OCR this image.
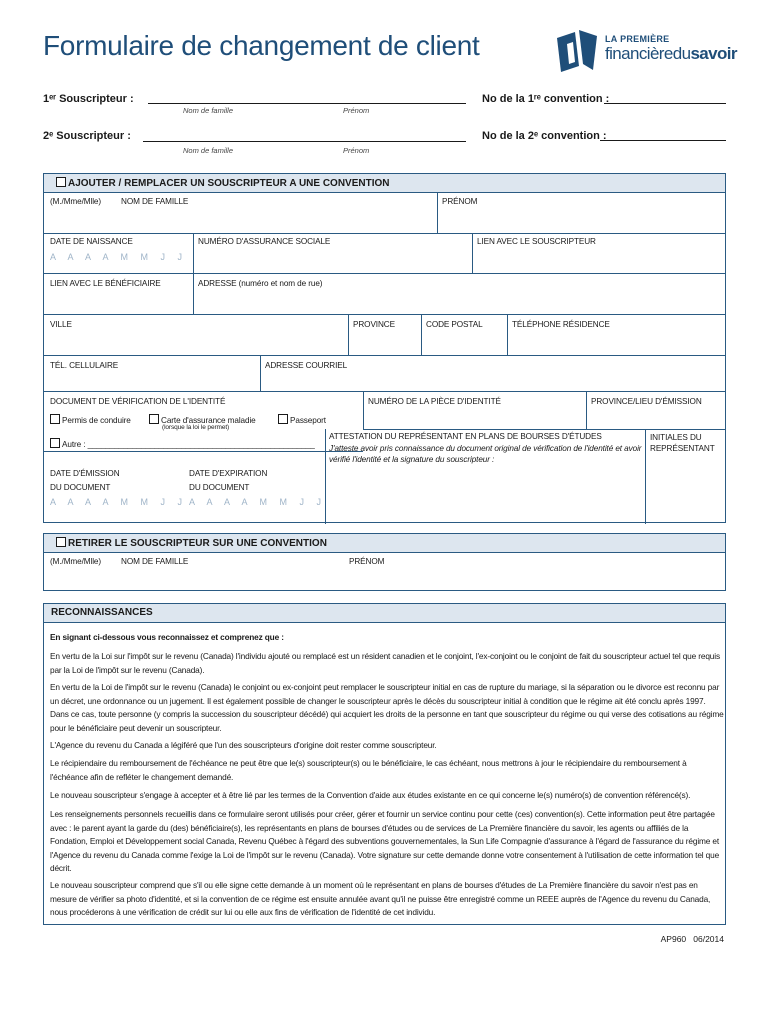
Formulaire de changement de client	LA PREMIÈRE
financièredusavoir
1ᵉʳ Souscripteur :
Nom de famille	Prénom
No de la 1ʳᵉ convention :
2ᵉ Souscripteur :
Nom de famille	Prénom
No de la 2ᵉ convention :
AJOUTER / REMPLACER UN SOUSCRIPTEUR A UNE CONVENTION
(M./Mme/Mlle) NOM DE FAMILLE	PRÉNOM
DATE DE NAISSANCE
A A A A M M J J
NUMÉRO D'ASSURANCE SOCIALE	LIEN AVEC LE SOUSCRIPTEUR
LIEN AVEC LE BÉNÉFICIAIRE	ADRESSE (numéro et nom de rue)
VILLE	PROVINCE	CODE POSTAL	TÉLÉPHONE RÉSIDENCE
TÉL. CELLULAIRE	ADRESSE COURRIEL
DOCUMENT DE VÉRIFICATION DE L'IDENTITÉ	NUMÉRO DE LA PIÈCE D'IDENTITÉ	PROVINCE/LIEU D'ÉMISSION
Permis de conduire	Carte d'assurance maladie
(lorsque la loi le permet)
Passeport
Autre : ___________________________________________________
DATE D'ÉMISSION
DU DOCUMENT
A A A A M M J J
DATE D'EXPIRATION
DU DOCUMENT
A A A A M M J J
ATTESTATION DU REPRÉSENTANT EN PLANS DE BOURSES D'ÉTUDES
J'atteste avoir pris connaissance du document original de vérification de l'identité et avoir vérifié l'identité et la signature du souscripteur :
INITIALES DU REPRÉSENTANT
RETIRER LE SOUSCRIPTEUR SUR UNE CONVENTION
(M./Mme/Mlle) NOM DE FAMILLE	PRÉNOM
RECONNAISSANCES
En signant ci-dessous vous reconnaissez et comprenez que :
En vertu de la Loi sur l'impôt sur le revenu (Canada) l'individu ajouté ou remplacé est un résident canadien et le conjoint, l'ex-conjoint ou le conjoint de fait du souscripteur actuel tel que requis par la Loi de l'impôt sur le revenu (Canada).
En vertu de la Loi de l'impôt sur le revenu (Canada) le conjoint ou ex-conjoint peut remplacer le souscripteur initial en cas de rupture du mariage, si la séparation ou le divorce est reconnu par un décret, une ordonnance ou un jugement. Il est également possible de changer le souscripteur après le décès du souscripteur initial à condition que le régime ait été conclu après 1997. Dans ce cas, toute personne (y compris la succession du souscripteur décédé) qui acquiert les droits de la personne en tant que souscripteur du régime ou qui verse des cotisations au régime pour le bénéficiaire peut devenir un souscripteur.
L'Agence du revenu du Canada a légiféré que l'un des souscripteurs d'origine doit rester comme souscripteur.
Le récipiendaire du remboursement de l'échéance ne peut être que le(s) souscripteur(s) ou le bénéficiaire, le cas échéant, nous mettrons à jour le récipiendaire du remboursement à l'échéance afin de refléter le changement demandé.
Le nouveau souscripteur s'engage à accepter et à être lié par les termes de la Convention d'aide aux études existante en ce qui concerne le(s) numéro(s) de convention référencé(s).
Les renseignements personnels recueillis dans ce formulaire seront utilisés pour créer, gérer et fournir un service continu pour cette (ces) convention(s). Cette information peut être partagée avec : le parent ayant la garde du (des) bénéficiaire(s), les représentants en plans de bourses d'études ou de services de La Première financière du savoir, les agents ou affiliés de la Fondation, Emploi et Développement social Canada, Revenu Québec à l'égard des subventions gouvernementales, la Sun Life Compagnie d'assurance à l'égard de l'assurance du régime et l'Agence du revenu du Canada comme l'exige la Loi de l'impôt sur le revenu (Canada). Votre signature sur cette demande donne votre consentement à l'utilisation de cette information tel que décrit.
Le nouveau souscripteur comprend que s'il ou elle signe cette demande à un moment où le représentant en plans de bourses d'études de La Première financière du savoir n'est pas en mesure de vérifier sa photo d'identité, et si la convention de ce régime est ensuite annulée avant qu'il ne puisse être enregistré comme un REEE auprès de l'Agence du revenu du Canada, nous procéderons à une vérification de crédit sur lui ou elle aux fins de vérification de l'identité de cet individu.
AP960 06/2014
